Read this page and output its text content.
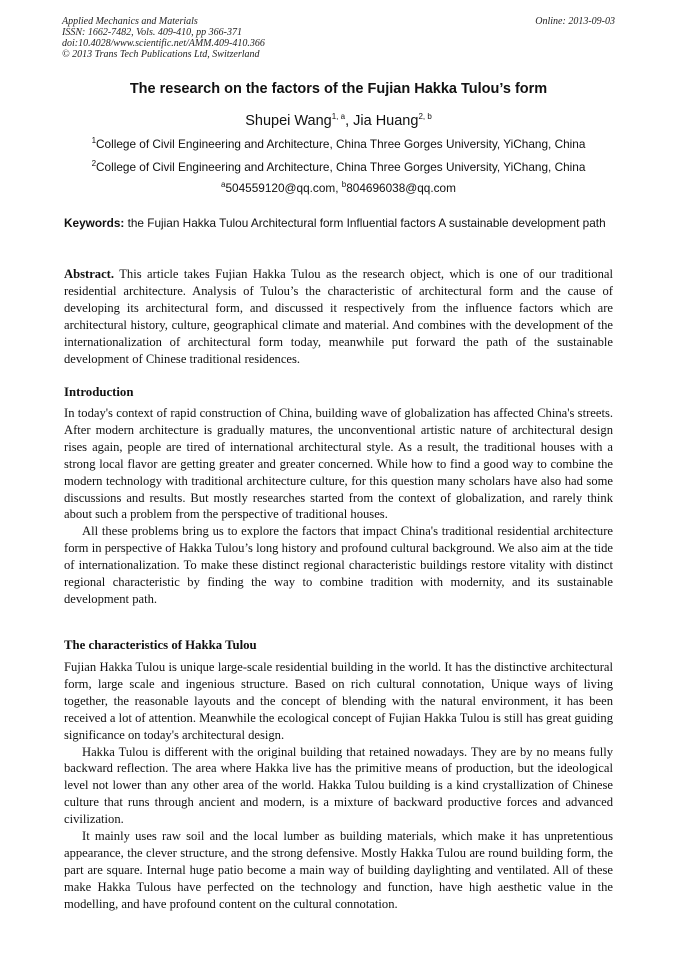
Applied Mechanics and Materials
ISSN: 1662-7482, Vols. 409-410, pp 366-371
doi:10.4028/www.scientific.net/AMM.409-410.366
© 2013 Trans Tech Publications Ltd, Switzerland
Online: 2013-09-03
The research on the factors of the Fujian Hakka Tulou’s form
Shupei Wang$^{1, a}$, Jia Huang$^{2, b}$
$^1$College of Civil Engineering and Architecture, China Three Gorges University, YiChang, China
$^2$College of Civil Engineering and Architecture, China Three Gorges University, YiChang, China
$^a$504559120@qq.com, $^b$804696038@qq.com
Keywords: the Fujian Hakka Tulou Architectural form Influential factors A sustainable development path

Abstract. This article takes Fujian Hakka Tulou as the research object, which is one of our traditional residential architecture. Analysis of Tulou’s the characteristic of architectural form and the cause of developing its architectural form, and discussed it respectively from the influence factors which are architectural history, culture, geographical climate and material. And combines with the development of the internationalization of architectural form today, meanwhile put forward the path of the sustainable development of Chinese traditional residences.

Introduction

In today's context of rapid construction of China, building wave of globalization has affected China's streets. After modern architecture is gradually matures, the unconventional artistic nature of architectural design rises again, people are tired of international architectural style. As a result, the traditional houses with a strong local flavor are getting greater and greater concerned. While how to find a good way to combine the modern technology with traditional architecture culture, for this question many scholars have also had some discussions and results. But mostly researches started from the context of globalization, and rarely think about such a problem from the perspective of traditional houses.

All these problems bring us to explore the factors that impact China's traditional residential architecture form in perspective of Hakka Tulou’s long history and profound cultural background. We also aim at the tide of internationalization. To make these distinct regional characteristic buildings restore vitality with distinct regional characteristic by finding the way to combine tradition with modernity, and its sustainable development path.

The characteristics of Hakka Tulou

Fujian Hakka Tulou is unique large-scale residential building in the world. It has the distinctive architectural form, large scale and ingenious structure. Based on rich cultural connotation, Unique ways of living together, the reasonable layouts and the concept of blending with the natural environment, it has been received a lot of attention. Meanwhile the ecological concept of Fujian Hakka Tulou is still has great guiding significance on today's architectural design.

Hakka Tulou is different with the original building that retained nowadays. They are by no means fully backward reflection. The area where Hakka live has the primitive means of production, but the ideological level not lower than any other area of the world. Hakka Tulou building is a kind crystallization of Chinese culture that runs through ancient and modern, is a mixture of backward productive forces and advanced civilization.

It mainly uses raw soil and the local lumber as building materials, which make it has unpretentious appearance, the clever structure, and the strong defensive. Mostly Hakka Tulou are round building form, the part are square. Internal huge patio become a main way of building daylighting and ventilated. All of these make Hakka Tulous have perfected on the technology and function, have high aesthetic value in the modelling, and have profound content on the cultural connotation.
